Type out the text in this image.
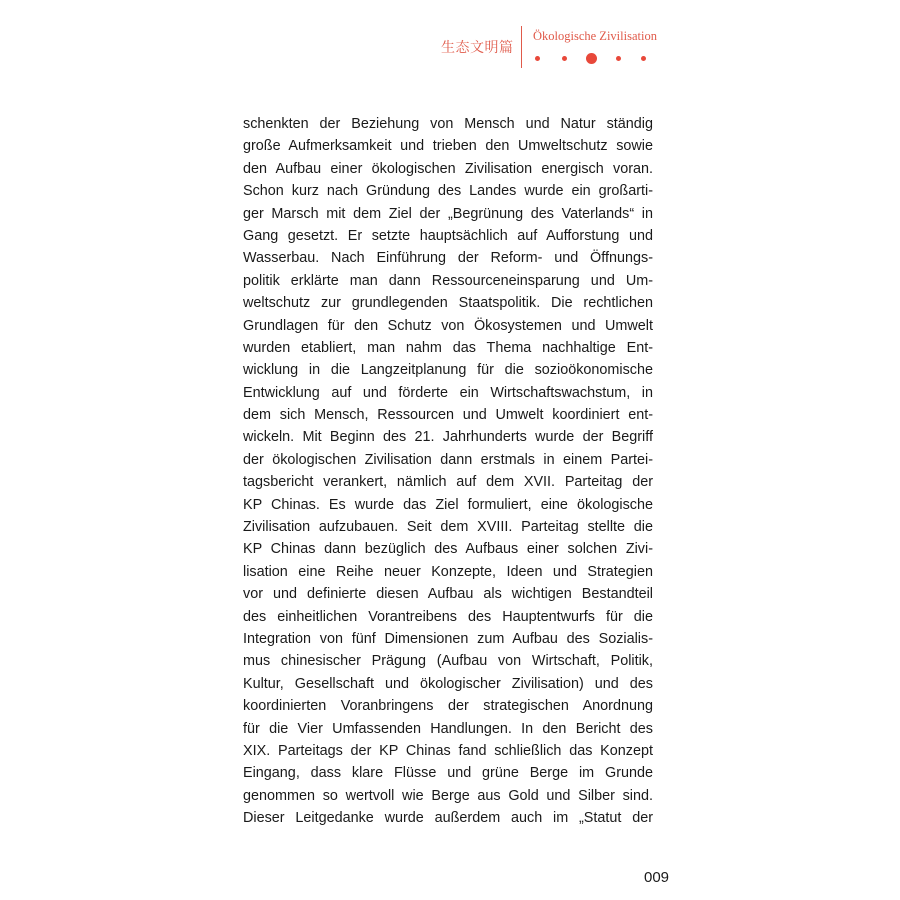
生态文明篇
Ökologische Zivilisation
schenkten der Beziehung von Mensch und Natur ständig
große Aufmerksamkeit und trieben den Umweltschutz sowie
den Aufbau einer ökologischen Zivilisation energisch voran.
Schon kurz nach Gründung des Landes wurde ein großarti-
ger Marsch mit dem Ziel der „Begrünung des Vaterlands“ in
Gang gesetzt. Er setzte hauptsächlich auf Aufforstung und
Wasserbau. Nach Einführung der Reform- und Öffnungs-
politik erklärte man dann Ressourceneinsparung und Um-
weltschutz zur grundlegenden Staatspolitik. Die rechtlichen
Grundlagen für den Schutz von Ökosystemen und Umwelt
wurden etabliert, man nahm das Thema nachhaltige Ent-
wicklung in die Langzeitplanung für die sozioökonomische
Entwicklung auf und förderte ein Wirtschaftswachstum, in
dem sich Mensch, Ressourcen und Umwelt koordiniert ent-
wickeln. Mit Beginn des 21. Jahrhunderts wurde der Begriff
der ökologischen Zivilisation dann erstmals in einem Partei-
tagsbericht verankert, nämlich auf dem XVII. Parteitag der
KP Chinas. Es wurde das Ziel formuliert, eine ökologische
Zivilisation aufzubauen. Seit dem XVIII. Parteitag stellte die
KP Chinas dann bezüglich des Aufbaus einer solchen Zivi-
lisation eine Reihe neuer Konzepte, Ideen und Strategien
vor und definierte diesen Aufbau als wichtigen Bestandteil
des einheitlichen Vorantreibens des Hauptentwurfs für die
Integration von fünf Dimensionen zum Aufbau des Sozialis-
mus chinesischer Prägung (Aufbau von Wirtschaft, Politik,
Kultur, Gesellschaft und ökologischer Zivilisation) und des
koordinierten Voranbringens der strategischen Anordnung
für die Vier Umfassenden Handlungen. In den Bericht des
XIX. Parteitags der KP Chinas fand schließlich das Konzept
Eingang, dass klare Flüsse und grüne Berge im Grunde
genommen so wertvoll wie Berge aus Gold und Silber sind.
Dieser Leitgedanke wurde außerdem auch im „Statut der
009
